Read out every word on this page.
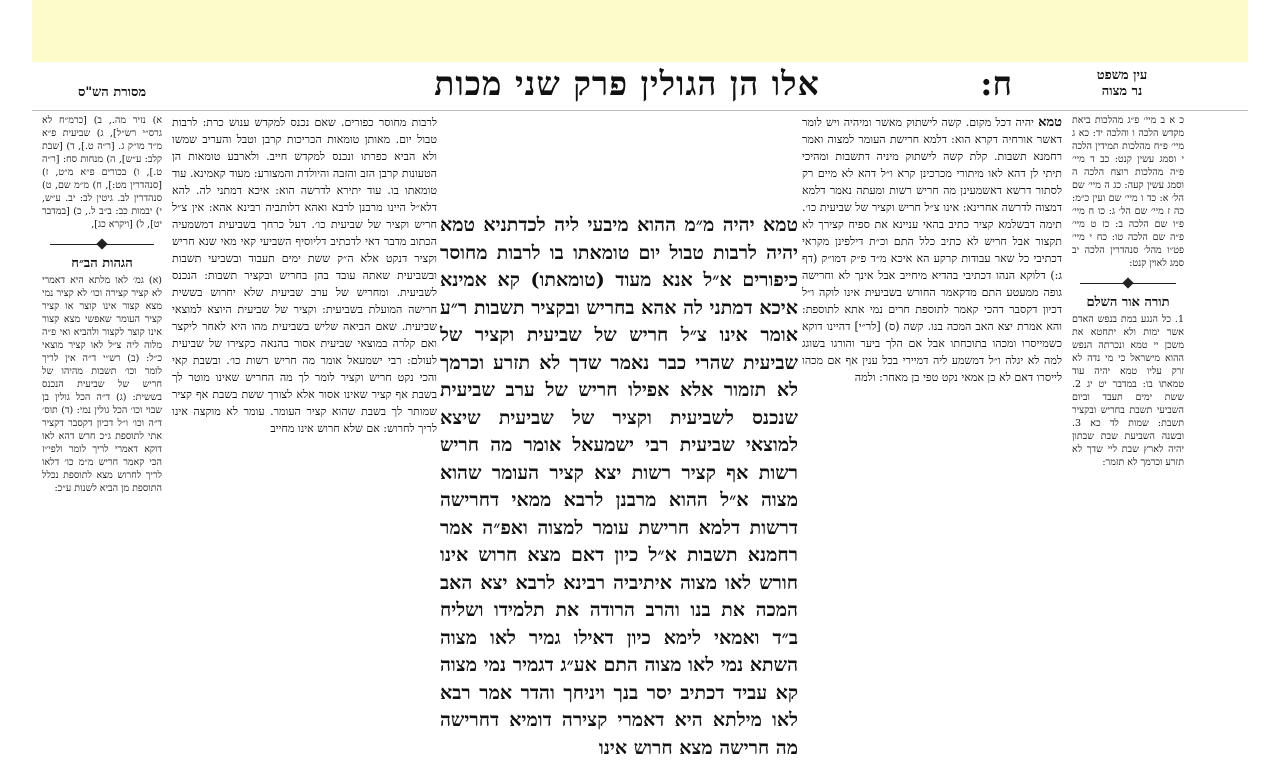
אלו הן הגולין פרק שני מכות	ח:	עין משפט
נר מצוה
מסורת הש"ס

כ א ב מיי׳ פ״ג מהלכות ביאת מקדש הלכה ו והלכה יד: כא ג מיי׳ פ״ח מהלכות תמידין הלכה י וסמג עשין קנט: כב ד מיי׳ פ״ה מהלכות רוצח הלכה ה וסמג עשין קעה: כג ה מיי׳ שם הל׳ א: כד ו מיי׳ שם ועין כ״מ: כה ז מיי׳ שם הל׳ ג: כו ח מיי׳ פ״ו שם הלכה ב: כז ט מיי׳ פ״ה שם הלכה טו: כח י מיי׳ פט״ו מהל׳ סנהדרין הלכה יב סמג לאוין קנט:

תורה אור השלם

1. כל הנגע במת בנפש האדם אשר ימות ולא יתחטא את משכן יי טמא ונכרתה הנפש ההוא מישראל כי מי נדה לא זרק עליו טמא יהיה עוד טמאתו בו: במדבר יט יג 2. ששת ימים תעבד וביום השביעי תשבת בחריש ובקציר תשבת: שמות לד כא 3. ובשנה השביעת שבת שבתון יהיה לארץ שבת ליי שדך לא תזרע וכרמך לא תזמר:

טמא יהיה דכל מקום. קשה לישתוק מאשר ומיהיה ויש לומר דאשר אורחיה דקרא הוא: דלמא חרישת העומר למצוה ואמר רחמנא תשבות. קלת קשה לישתוק מיניה דתשבות ומהיכי תיתי לן דהא לאו מיתורי מכרכינן קרא ו״ל דהא לא מיים רק לסתור דרשא דאשמעינן מה חריש רשות ומעתה נאמר דלמא דמצוה לדרשה אחרינא: אינו צ״ל חריש וקציר של שביעית כו׳. תימה דבשלמא קציר כתיב בהאי עניינא את ספיח קצירך לא תקצור אבל חריש לא כתיב כלל התם וכ״ת דילפינן מקראי דכתיבי כל שאר עבודות קרקע הא איכא מ״ד פ״ק דמו״ק (דף ג:) דלוקא הנהו דכתיבי בהדיא מיחייב אבל אינך לא וחרישה גופה ממעטע התם מדקאמר החורש בשביעית אינו לוקה ו״ל דכיון דקסבר דהכי קאמר לתוספת חרים נמי אתא לתוספת: והא אמרת יצא האב המכה בנו. קשה (ס) [לר״י] דהיינו דוקא כשמייסרו ומכהו בתוכחתו אבל אם הלך ביער והורגו בשוגג למה לא יגלה ו״ל דמשמע ליה דמיירי בכל ענין אף אם מכהו לייסרו דאם לא כן אמאי נקט טפי בן מאחר: ולמה

טמא יהיה מ״מ ההוא מיבעי ליה לכדתניא טמא יהיה לרבות טבול יום טומאתו בו לרבות מחוסר כיפורים א״ל אנא מעוד (טומאתו) קא אמינא איכא דמתני לה אהא בחריש ובקציר תשבות ר״ע אומר אינו צ״ל חריש של שביעית וקציר של שביעית שהרי כבר נאמר שדך לא תזרע וכרמך לא תזמור אלא אפילו חריש של ערב שביעית שנכנס לשביעית וקציר של שביעית שיצא למוצאי שביעית רבי ישמעאל אומר מה חריש רשות אף קציר רשות יצא קציר העומר שהוא מצוה א״ל ההוא מרבנן לרבא ממאי דחרישה דרשות דלמא חרישת עומר למצוה ואפ״ה אמר רחמנא תשבות א״ל כיון דאם מצא חרוש אינו חורש לאו מצוה איתיביה רבינא לרבא יצא האב המכה את בנו והרב הרודה את תלמידו ושליח ב״ד ואמאי לימא כיון דאילו גמיר לאו מצוה השתא נמי לאו מצוה התם אע״ג דגמיר נמי מצוה קא עביד דכתיב יסר בנך ויניחך והדר אמר רבא לאו מילתא היא דאמרי קצירה דומיא דחרישה מה חרישה מצא חרוש אינו

לרבות מחוסר כפורים. שאם נכנס למקדש ענוש כרת: לרבות טבול יום. מאותן טומאות הכריכות קרבן וטבל והעריב שמשו ולא הביא כפרתו ונכנס למקדש חייב. ולארבע טומאות הן הטעונות קרבן הזב והזבה והיולדת והמצורע: מעוד קאמינא. עוד טומאתו בו. עוד יתירא לדרשה הוא: איכא דמתני לה. להא דלא״ל היינו מרבנן לרבא ואהא דלותביה רבינא אהא: אין צ״ל חריש וקציר של שביעית כו׳. דעל כרחך בשביעית דמשמעיה הכתוב מדבר דאי לדכתיב דליוסיף השביעי קאי מאי שנא חריש וקציר דנקט אלא ה״ק ששת ימים תעבוד ובשביעי תשבות ובשביעית שאתה עובד בהן בחריש ובקציר תשבות: הנכנס לשביעית. ומחריש של ערב שביעית שלא יחרוש בששית חרישה המועלת בשביעית: וקציר של שביעית היוצא למוצאי שביעית. שאם הביאה שליש בשביעית מהו היא לאחר ליקצר ואם קלרה במוצאי שביעית אסור בהנאה כקצירו של שביעית לעולם: רבי ישמעאל אומר מה חריש רשות כו׳. ובשבת קאי והכי נקט חריש וקציר לומר לך מה החריש שאינו מוטר לך בשבת אף קציר שאינו אסור אלא לצורך ששת בשבת אף קציר שמותר לך בשבת שהוא קציר העומר. עומר לא מוקצה אינו לריך לחרוש: אם שלא חרוש אינו מחייב

א) נזיר מה., ב) [כרמ״ח לא גרס״י רש״ל], ג) שביעית פ״א מ״ד מו״ק ג. [ר״ה ט.], ד) [שבת קלב: ע״ש], ה) מנחות סח: [ר״ה ט.], ו) בכורים פ״א מ״ט, ז) [סנהדרין מט:], ח) מ״מ שם, ט) סנהדרין לב. גיטין לב: יב. ע״ש, י) יבמות כב: ב״ב ל., כ) [במדבר יט], ל) [ויקרא כג],

הגהות הב״ח

(א) גמ׳ לאו מלתא היא דאמרי לא קציר קצירה וכו׳ לא קציר נמי מצא קצור אינו קוצר או קציר קציר העומר שאפשי מצא קצור אינו קוצר לקצור ולהביא ואי פ״ה מלוה ליה צ״ל לאו קציר מוצאי כ״ל: (ב) רש״י ד״ה אין לריך לומר וכו׳ תשבות מהיהו של חריש של שביעית הנכנס בששית: (ג) ד״ה הכל גולין בן שבוי וכו׳ הכל גולין נמי: (ד) תוס׳ ד״ה וכו׳ ו״ל דכיון דקסבר דקציר אתי לתוספת ג״כ חרש דהא לאו דוקא דאמרי לריך לומר ולפי״ז הכי קאמר חריש מ״מ כו׳ דלאו לריך לחרוש מצא לתוספת נכלל התוספת מן הביא לשנות ע״כ:
